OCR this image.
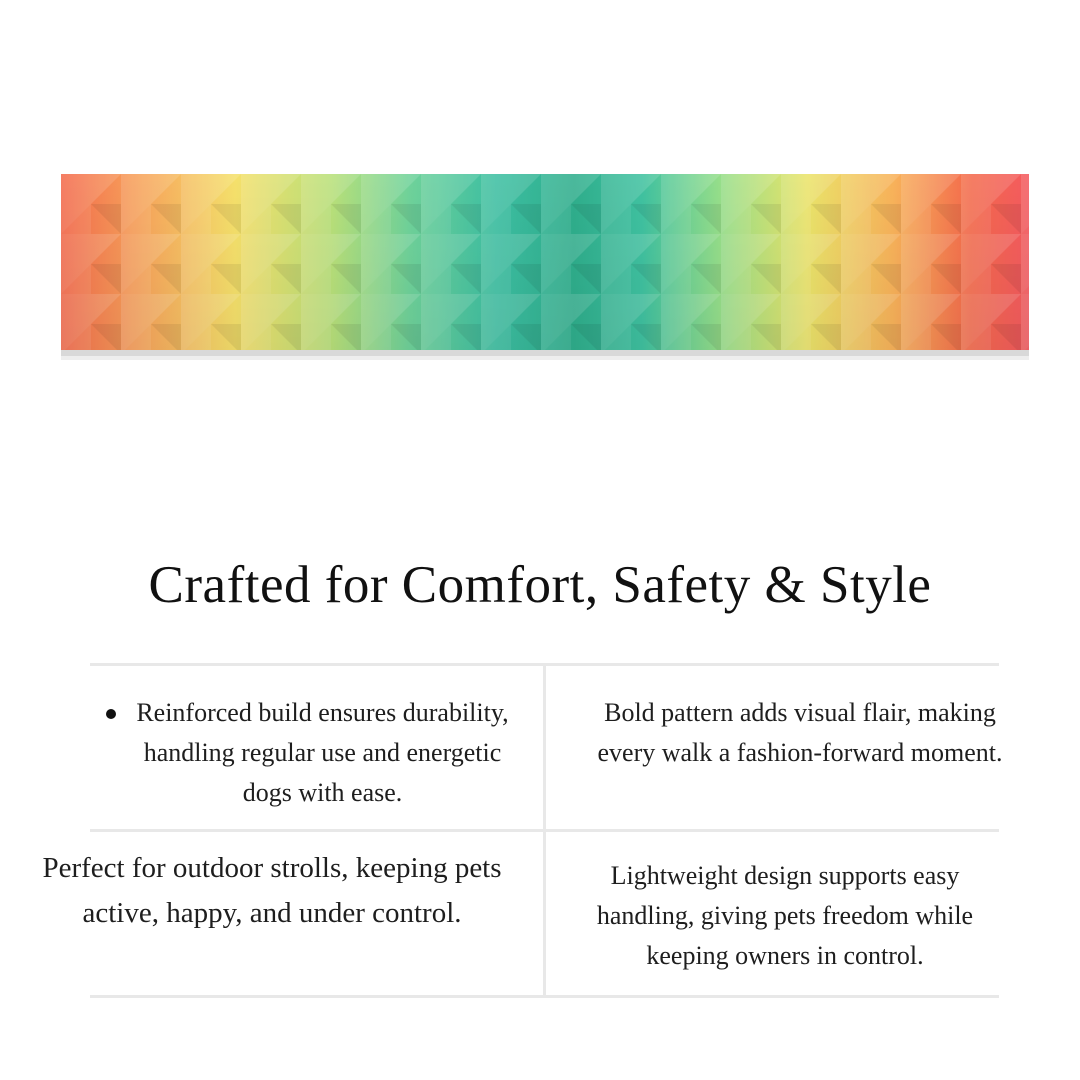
Crafted for Comfort, Safety & Style
Reinforced build ensures durability, handling regular use and energetic dogs with ease.
Bold pattern adds visual flair, making every walk a fashion-forward moment.
Perfect for outdoor strolls, keeping pets active, happy, and under control.
Lightweight design supports easy handling, giving pets freedom while keeping owners in control.
